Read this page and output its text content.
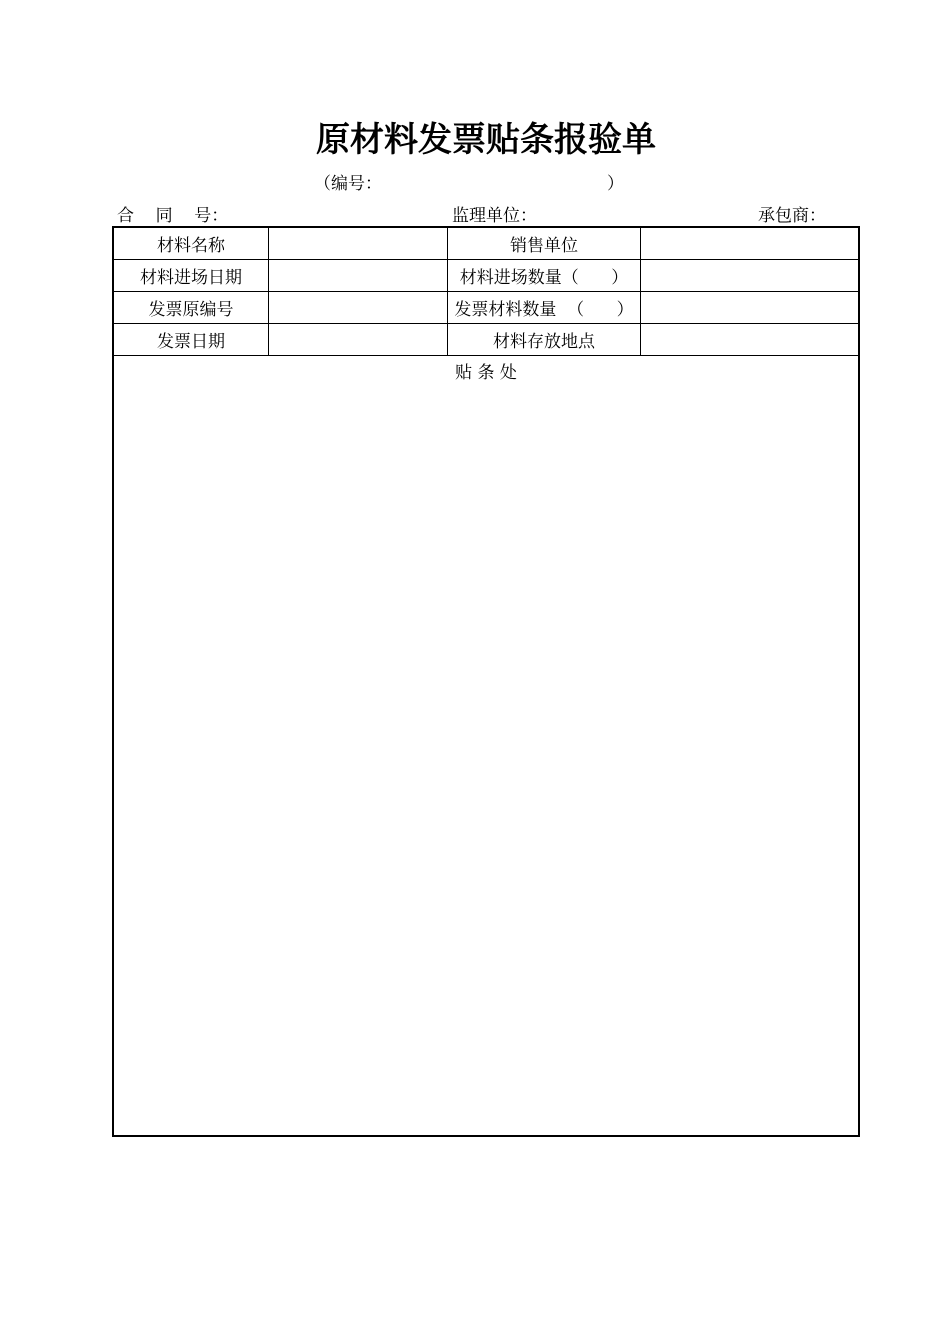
原材料发票贴条报验单
（编号：	）
合    同    号：	监理单位：	承包商：
材料名称	销售单位
材料进场日期	材料进场数量（      ）
发票原编号	发票材料数量  （      ）
发票日期	材料存放地点
贴 条 处
